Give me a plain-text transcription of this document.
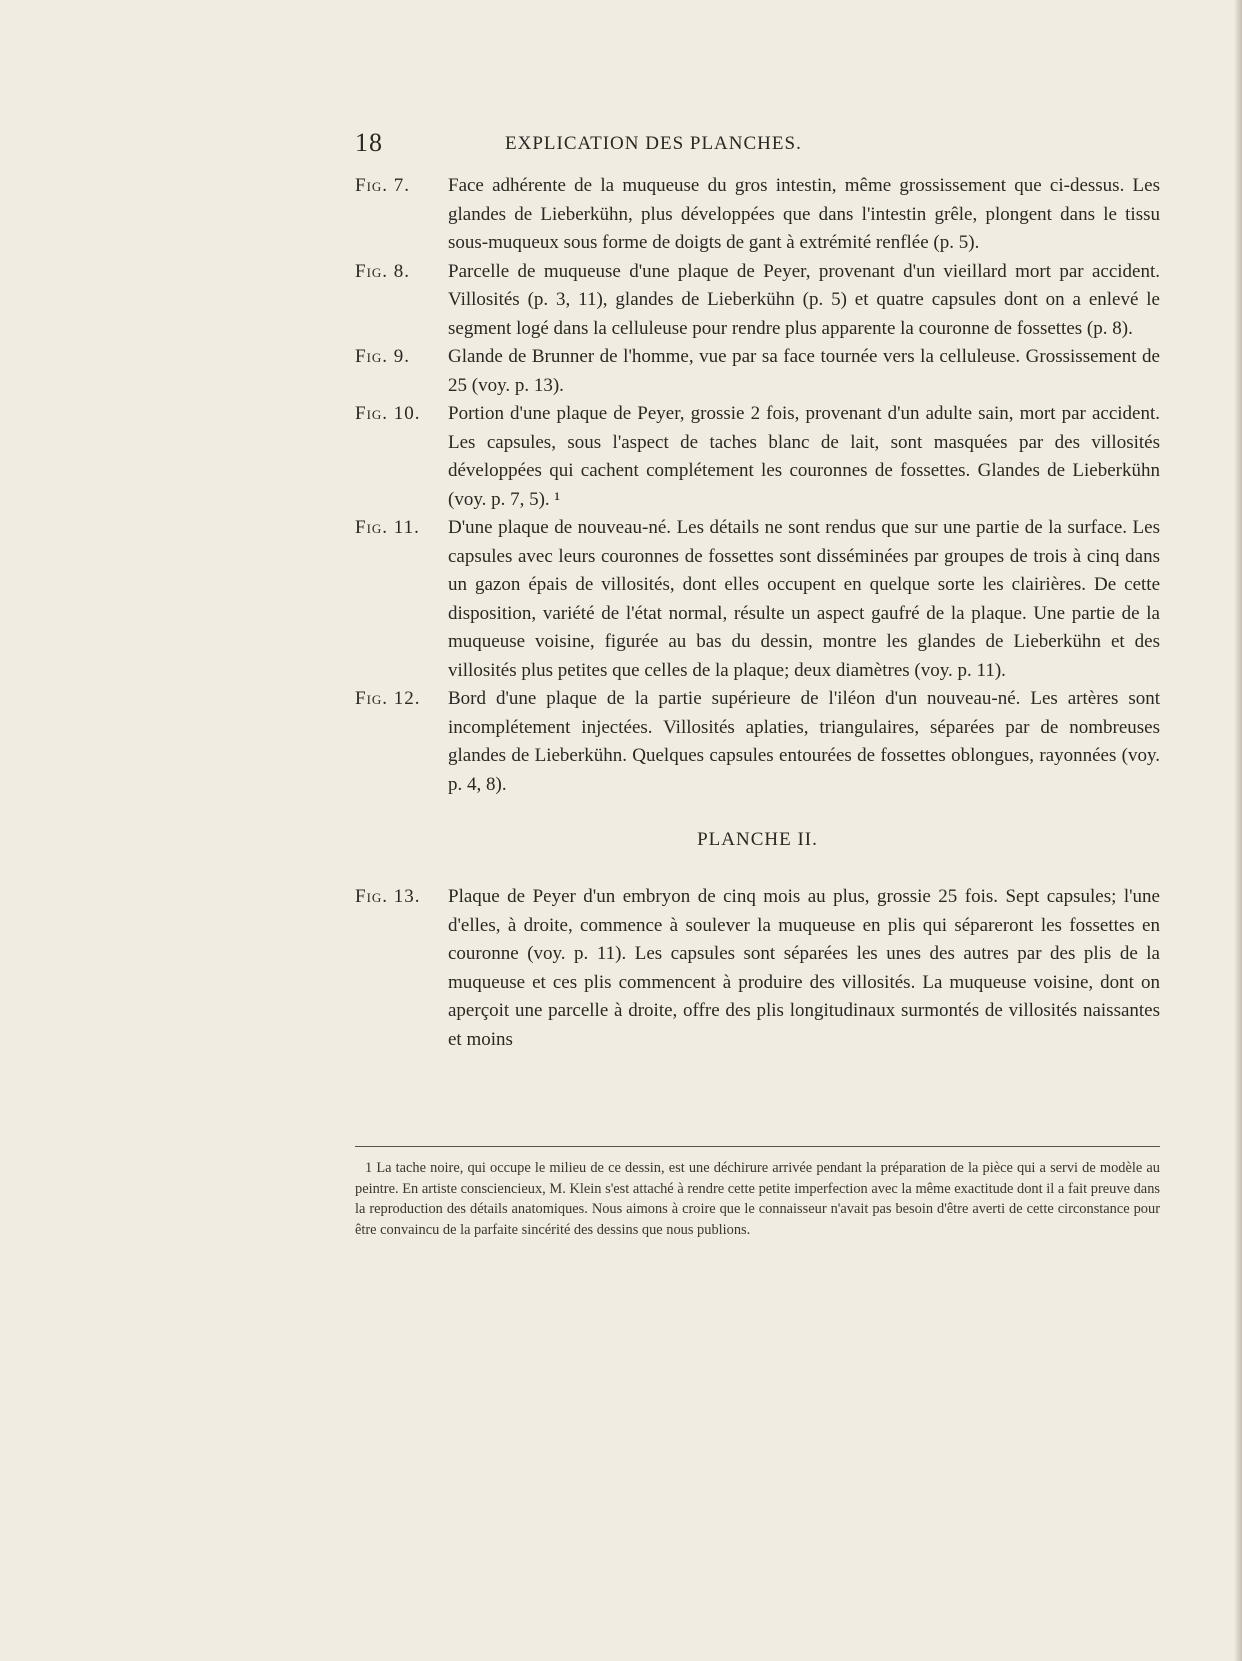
18	EXPLICATION DES PLANCHES.
Fig. 7.	Face adhérente de la muqueuse du gros intestin, même grossissement que ci-dessus. Les glandes de Lieberkühn, plus développées que dans l'intestin grêle, plongent dans le tissu sous-muqueux sous forme de doigts de gant à extrémité renflée (p. 5).
Fig. 8.	Parcelle de muqueuse d'une plaque de Peyer, provenant d'un vieillard mort par accident. Villosités (p. 3, 11), glandes de Lieberkühn (p. 5) et quatre capsules dont on a enlevé le segment logé dans la celluleuse pour rendre plus apparente la couronne de fossettes (p. 8).
Fig. 9.	Glande de Brunner de l'homme, vue par sa face tournée vers la celluleuse. Grossissement de 25 (voy. p. 13).
Fig. 10.	Portion d'une plaque de Peyer, grossie 2 fois, provenant d'un adulte sain, mort par accident. Les capsules, sous l'aspect de taches blanc de lait, sont masquées par des villosités développées qui cachent complétement les couronnes de fossettes. Glandes de Lieberkühn (voy. p. 7, 5). ¹
Fig. 11.	D'une plaque de nouveau-né. Les détails ne sont rendus que sur une partie de la surface. Les capsules avec leurs couronnes de fossettes sont disséminées par groupes de trois à cinq dans un gazon épais de villosités, dont elles occupent en quelque sorte les clairières. De cette disposition, variété de l'état normal, résulte un aspect gaufré de la plaque. Une partie de la muqueuse voisine, figurée au bas du dessin, montre les glandes de Lieberkühn et des villosités plus petites que celles de la plaque; deux diamètres (voy. p. 11).
Fig. 12.	Bord d'une plaque de la partie supérieure de l'iléon d'un nouveau-né. Les artères sont incomplétement injectées. Villosités aplaties, triangulaires, séparées par de nombreuses glandes de Lieberkühn. Quelques capsules entourées de fossettes oblongues, rayonnées (voy. p. 4, 8).
PLANCHE II.
Fig. 13.	Plaque de Peyer d'un embryon de cinq mois au plus, grossie 25 fois. Sept capsules; l'une d'elles, à droite, commence à soulever la muqueuse en plis qui sépareront les fossettes en couronne (voy. p. 11). Les capsules sont séparées les unes des autres par des plis de la muqueuse et ces plis commencent à produire des villosités. La muqueuse voisine, dont on aperçoit une parcelle à droite, offre des plis longitudinaux surmontés de villosités naissantes et moins
1 La tache noire, qui occupe le milieu de ce dessin, est une déchirure arrivée pendant la préparation de la pièce qui a servi de modèle au peintre. En artiste consciencieux, M. Klein s'est attaché à rendre cette petite imperfection avec la même exactitude dont il a fait preuve dans la reproduction des détails anatomiques. Nous aimons à croire que le connaisseur n'avait pas besoin d'être averti de cette circonstance pour être convaincu de la parfaite sincérité des dessins que nous publions.
